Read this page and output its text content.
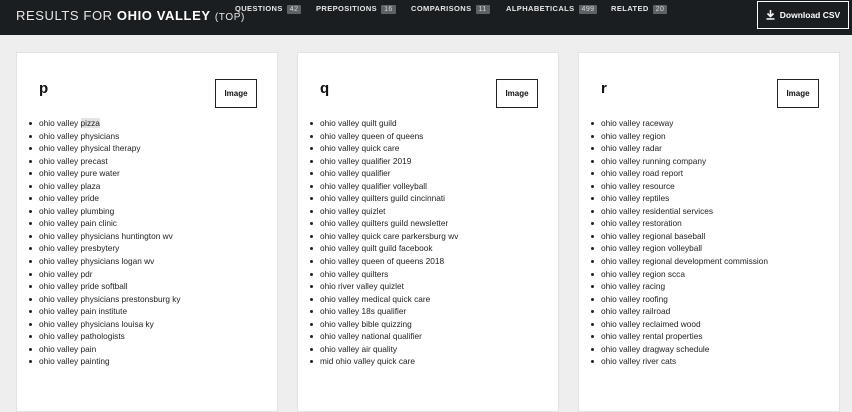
RESULTS FOR OHIO VALLEY (TOP)
QUESTIONS 42	PREPOSITIONS 16	COMPARISONS 11	ALPHABETICALS 499	RELATED 20
Download CSV
p	Image
ohio valley pizza
ohio valley physicians
ohio valley physical therapy
ohio valley precast
ohio valley pure water
ohio valley plaza
ohio valley pride
ohio valley plumbing
ohio valley pain clinic
ohio valley physicians huntington wv
ohio valley presbytery
ohio valley physicians logan wv
ohio valley pdr
ohio valley pride softball
ohio valley physicians prestonsburg ky
ohio valley pain institute
ohio valley physicians louisa ky
ohio valley pathologists
ohio valley pain
ohio valley painting
q	Image
ohio valley quilt guild
ohio valley queen of queens
ohio valley quick care
ohio valley qualifier 2019
ohio valley qualifier
ohio valley qualifier volleyball
ohio valley quilters guild cincinnati
ohio valley quizlet
ohio valley quilters guild newsletter
ohio valley quick care parkersburg wv
ohio valley quilt guild facebook
ohio valley queen of queens 2018
ohio valley quilters
ohio river valley quizlet
ohio valley medical quick care
ohio valley 18s qualifier
ohio valley bible quizzing
ohio valley national qualifier
ohio valley air quality
mid ohio valley quick care
r	Image
ohio valley raceway
ohio valley region
ohio valley radar
ohio valley running company
ohio valley road report
ohio valley resource
ohio valley reptiles
ohio valley residential services
ohio valley restoration
ohio valley regional baseball
ohio valley region volleyball
ohio valley regional development commission
ohio valley region scca
ohio valley racing
ohio valley roofing
ohio valley railroad
ohio valley reclaimed wood
ohio valley rental properties
ohio valley dragway schedule
ohio valley river cats
